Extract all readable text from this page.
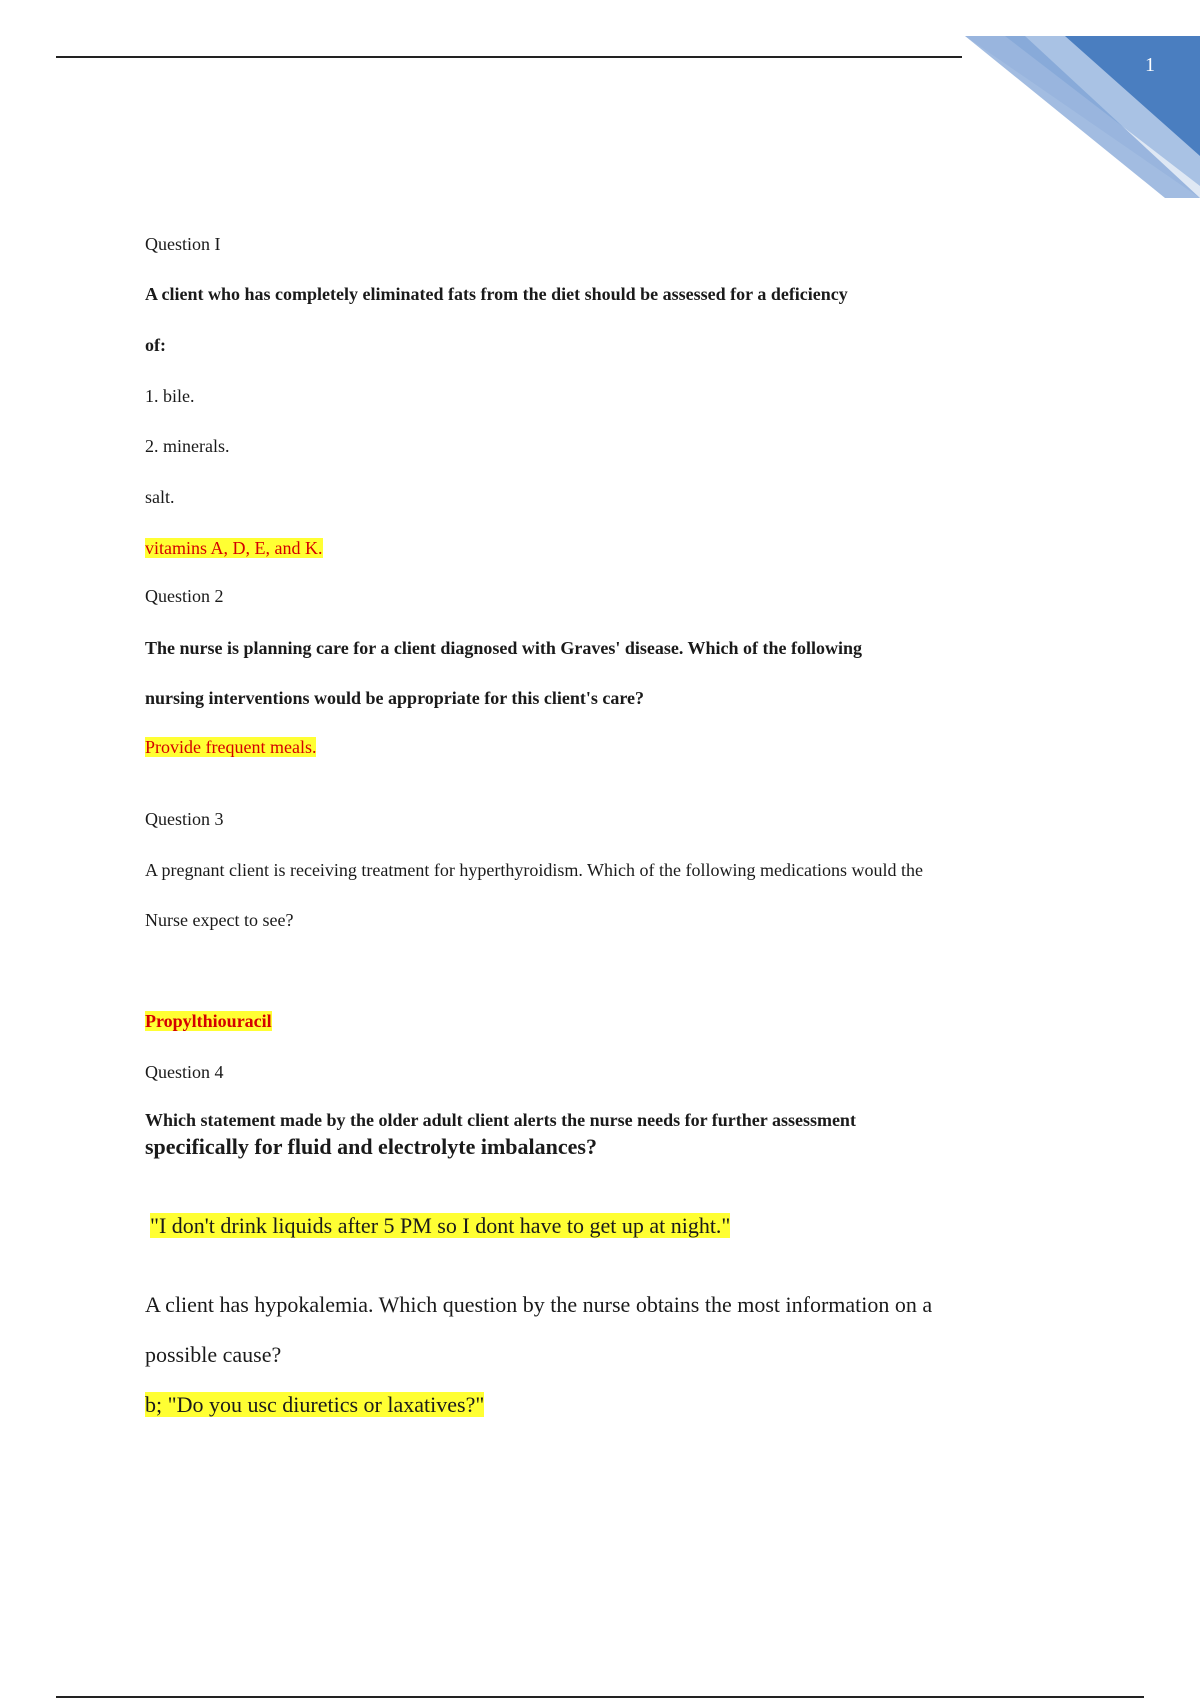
1
Question I
A client who has completely eliminated fats from the diet should be assessed for a deficiency
of:
1. bile.
2. minerals.
salt.
vitamins A, D, E, and K.
Question 2
The nurse is planning care for a client diagnosed with Graves' disease. Which of the following
nursing interventions would be appropriate for this client's care?
Provide frequent meals.
Question 3
A pregnant client is receiving treatment for hyperthyroidism. Which of the following medications would the
Nurse expect to see?
Propylthiouracil
Question 4
Which statement made by the older adult client alerts the nurse needs for further assessment
specifically for fluid and electrolyte imbalances?
"I don't drink liquids after 5 PM so I dont have to get up at night."
A client has hypokalemia. Which question by the nurse obtains the most information on a
possible cause?
b; "Do you usc diuretics or laxatives?"
